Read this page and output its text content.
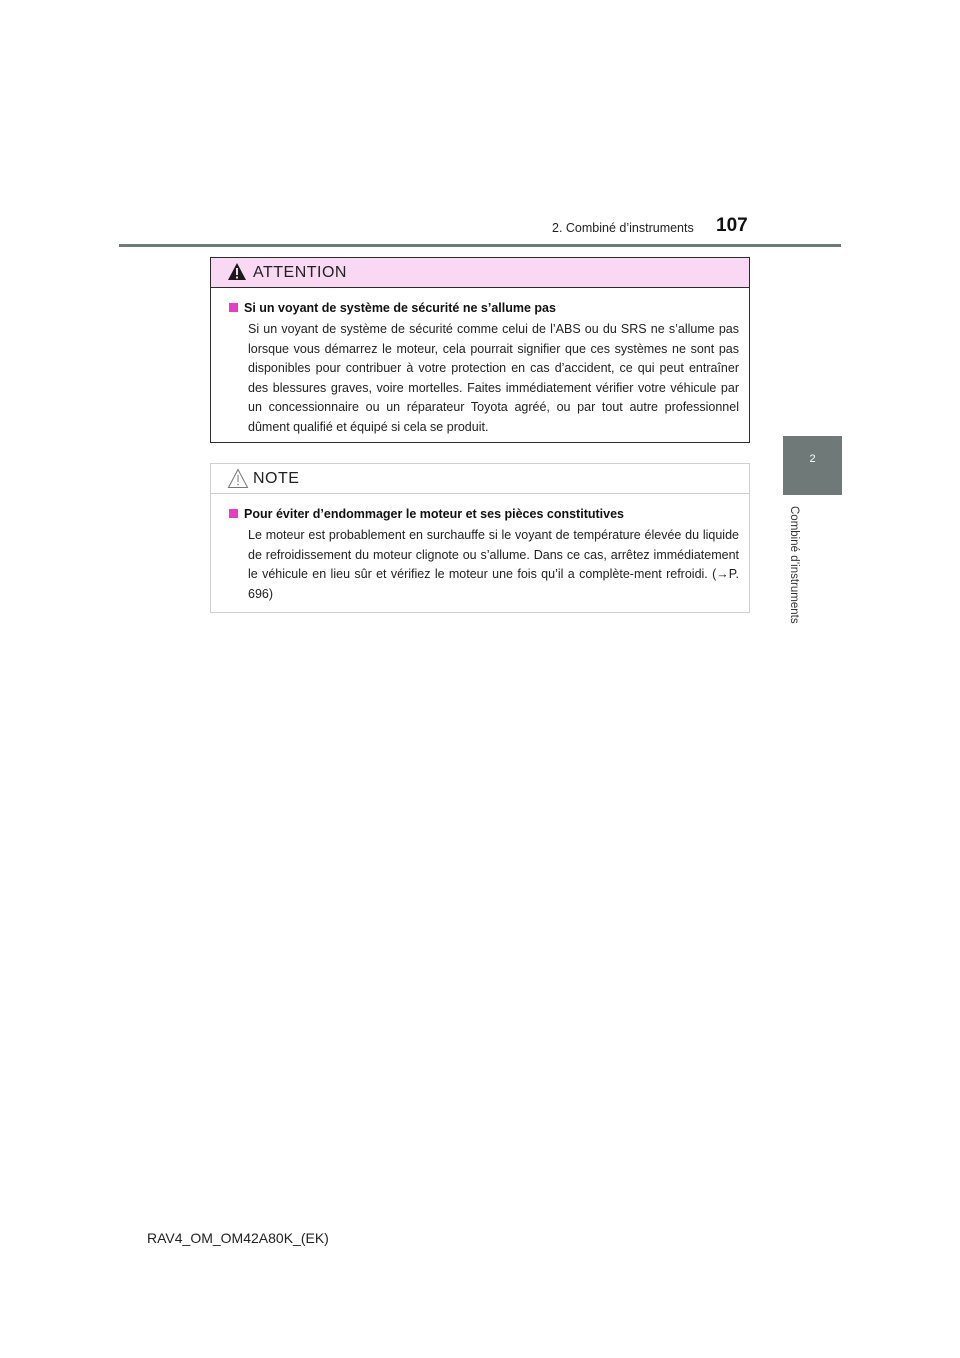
2. Combiné d’instruments 107
2
Combiné d’instruments
ATTENTION
Si un voyant de système de sécurité ne s’allume pas
Si un voyant de système de sécurité comme celui de l’ABS ou du SRS ne s’allume pas lorsque vous démarrez le moteur, cela pourrait signifier que ces systèmes ne sont pas disponibles pour contribuer à votre protection en cas d’accident, ce qui peut entraîner des blessures graves, voire mortelles. Faites immédiatement vérifier votre véhicule par un concessionnaire ou un réparateur Toyota agréé, ou par tout autre professionnel dûment qualifié et équipé si cela se produit.
NOTE
Pour éviter d’endommager le moteur et ses pièces constitutives
Le moteur est probablement en surchauffe si le voyant de température élevée du liquide de refroidissement du moteur clignote ou s’allume. Dans ce cas, arrêtez immédiatement le véhicule en lieu sûr et vérifiez le moteur une fois qu’il a complète-ment refroidi. (→P. 696)
RAV4_OM_OM42A80K_(EK)
